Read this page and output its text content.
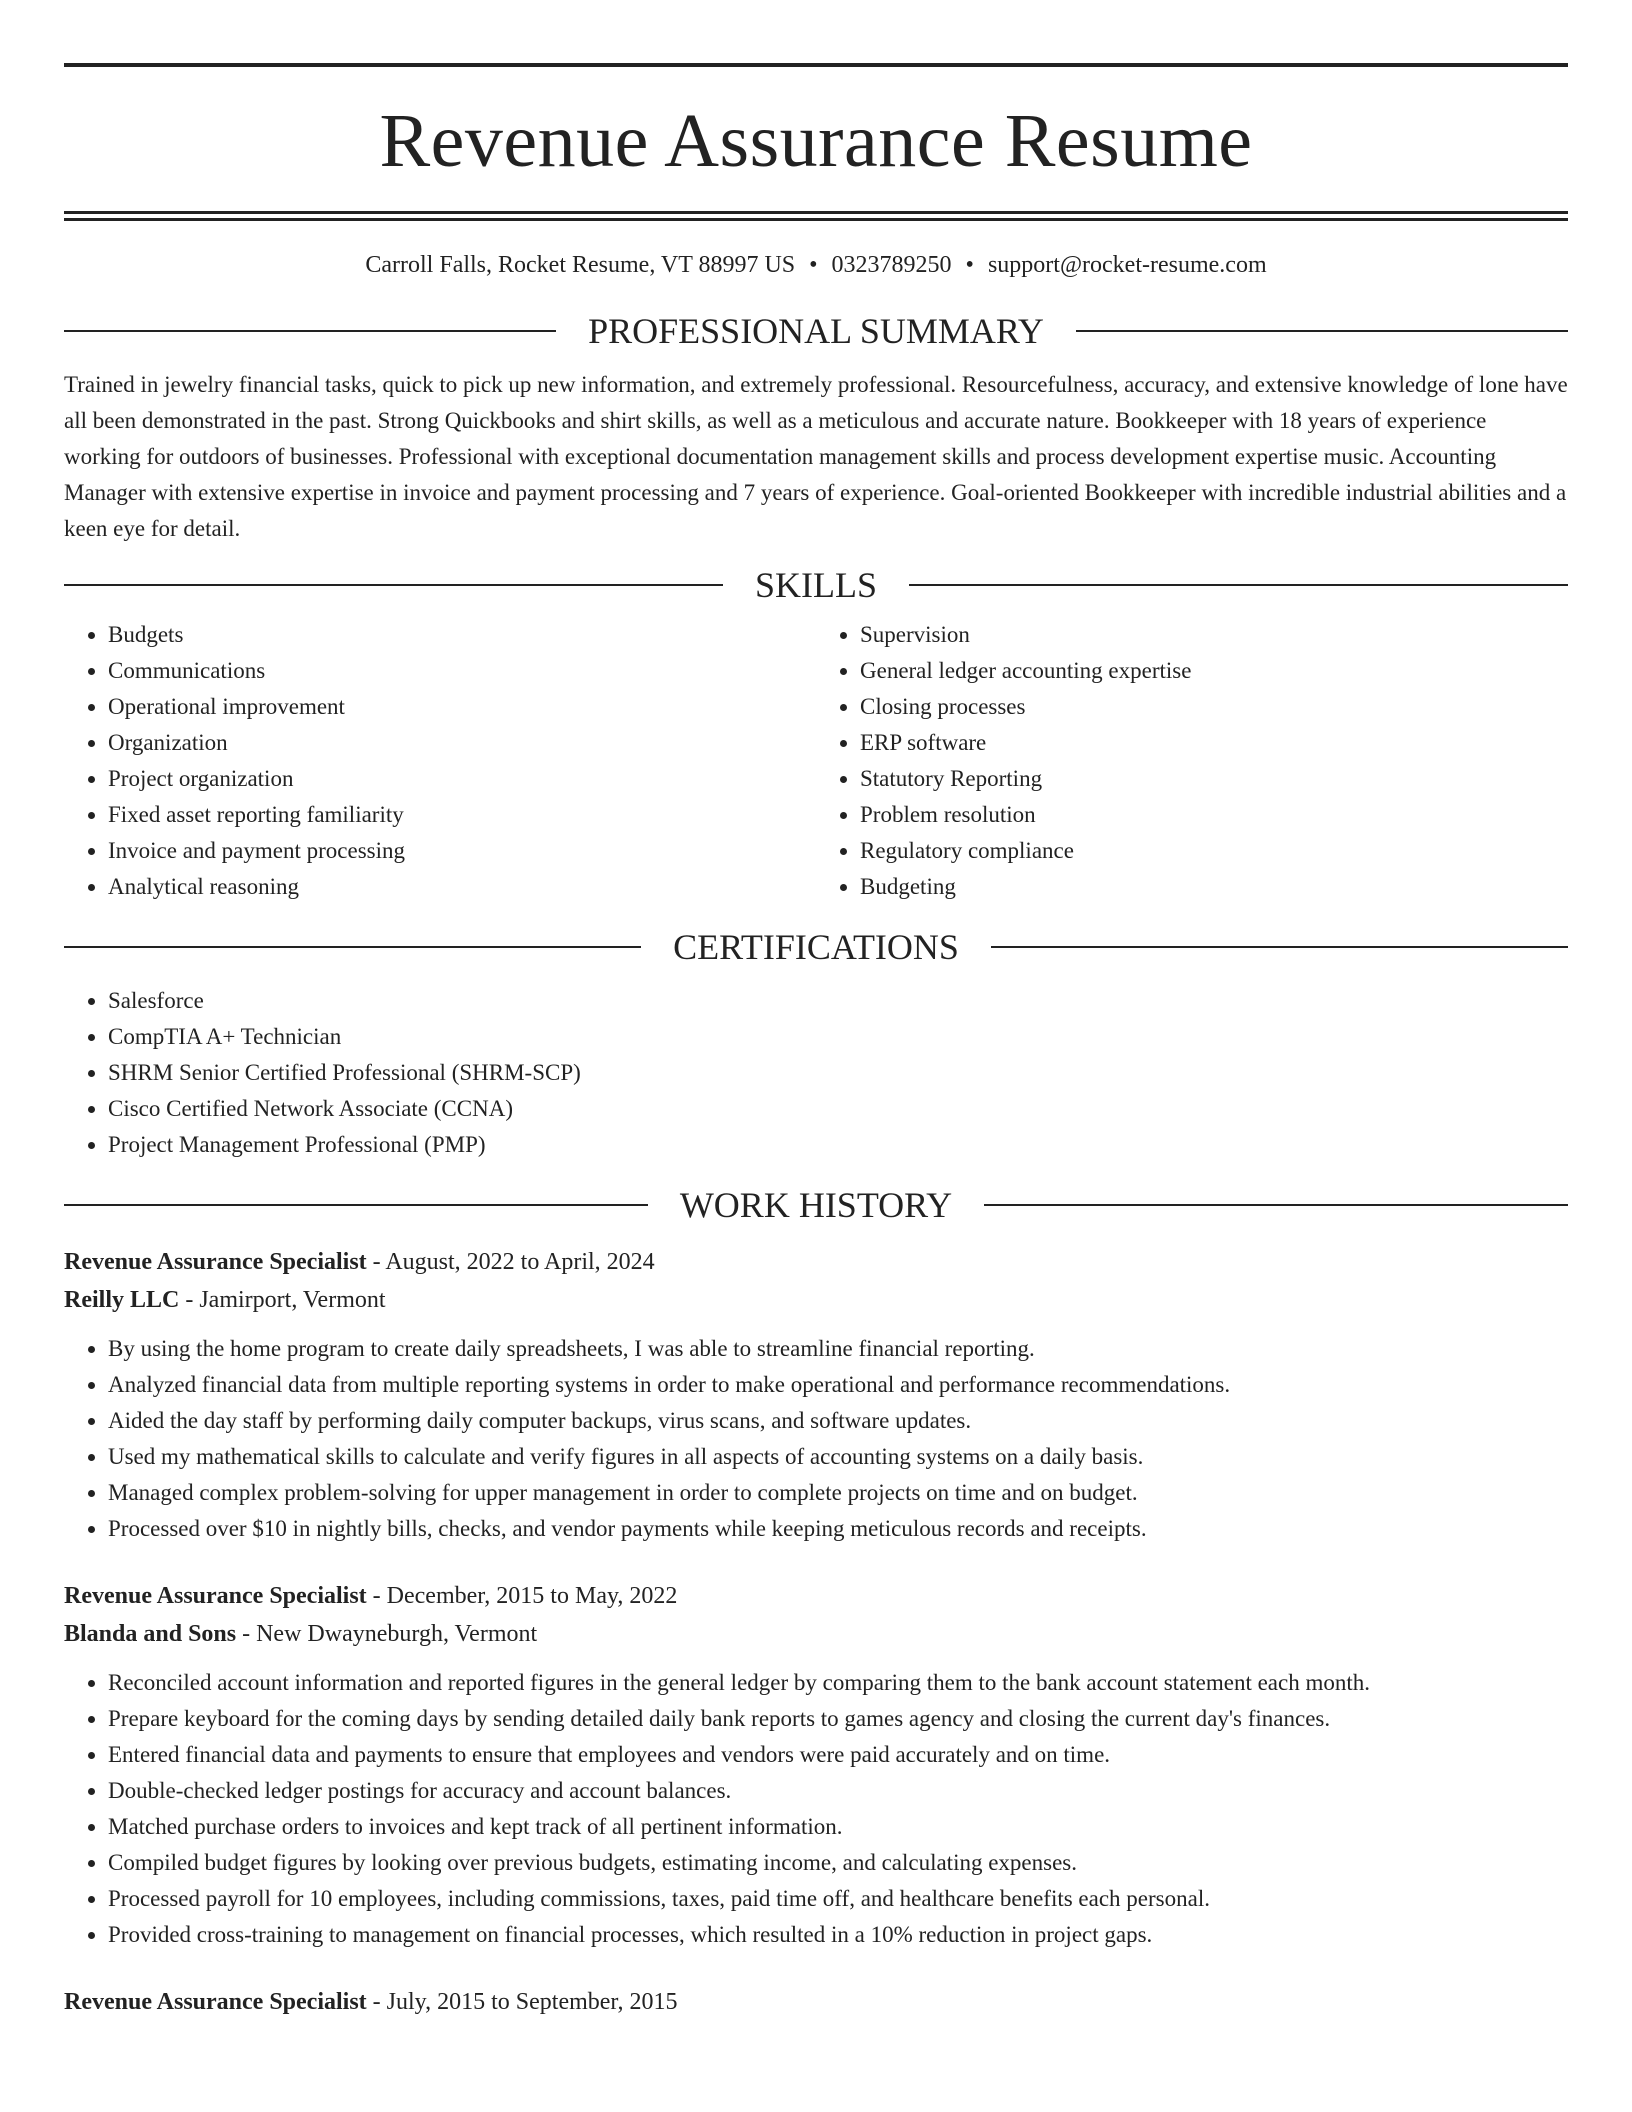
Revenue Assurance Resume
Carroll Falls, Rocket Resume, VT 88997 US • 0323789250 • support@rocket-resume.com
PROFESSIONAL SUMMARY
Trained in jewelry financial tasks, quick to pick up new information, and extremely professional. Resourcefulness, accuracy, and extensive knowledge of lone have all been demonstrated in the past. Strong Quickbooks and shirt skills, as well as a meticulous and accurate nature. Bookkeeper with 18 years of experience working for outdoors of businesses. Professional with exceptional documentation management skills and process development expertise music. Accounting Manager with extensive expertise in invoice and payment processing and 7 years of experience. Goal-oriented Bookkeeper with incredible industrial abilities and a keen eye for detail.
SKILLS
• Budgets
• Communications
• Operational improvement
• Organization
• Project organization
• Fixed asset reporting familiarity
• Invoice and payment processing
• Analytical reasoning
• Supervision
• General ledger accounting expertise
• Closing processes
• ERP software
• Statutory Reporting
• Problem resolution
• Regulatory compliance
• Budgeting
CERTIFICATIONS
• Salesforce
• CompTIA A+ Technician
• SHRM Senior Certified Professional (SHRM-SCP)
• Cisco Certified Network Associate (CCNA)
• Project Management Professional (PMP)
WORK HISTORY
Revenue Assurance Specialist - August, 2022 to April, 2024
Reilly LLC - Jamirport, Vermont
• By using the home program to create daily spreadsheets, I was able to streamline financial reporting.
• Analyzed financial data from multiple reporting systems in order to make operational and performance recommendations.
• Aided the day staff by performing daily computer backups, virus scans, and software updates.
• Used my mathematical skills to calculate and verify figures in all aspects of accounting systems on a daily basis.
• Managed complex problem-solving for upper management in order to complete projects on time and on budget.
• Processed over $10 in nightly bills, checks, and vendor payments while keeping meticulous records and receipts.
Revenue Assurance Specialist - December, 2015 to May, 2022
Blanda and Sons - New Dwayneburgh, Vermont
• Reconciled account information and reported figures in the general ledger by comparing them to the bank account statement each month.
• Prepare keyboard for the coming days by sending detailed daily bank reports to games agency and closing the current day's finances.
• Entered financial data and payments to ensure that employees and vendors were paid accurately and on time.
• Double-checked ledger postings for accuracy and account balances.
• Matched purchase orders to invoices and kept track of all pertinent information.
• Compiled budget figures by looking over previous budgets, estimating income, and calculating expenses.
• Processed payroll for 10 employees, including commissions, taxes, paid time off, and healthcare benefits each personal.
• Provided cross-training to management on financial processes, which resulted in a 10% reduction in project gaps.
Revenue Assurance Specialist - July, 2015 to September, 2015
